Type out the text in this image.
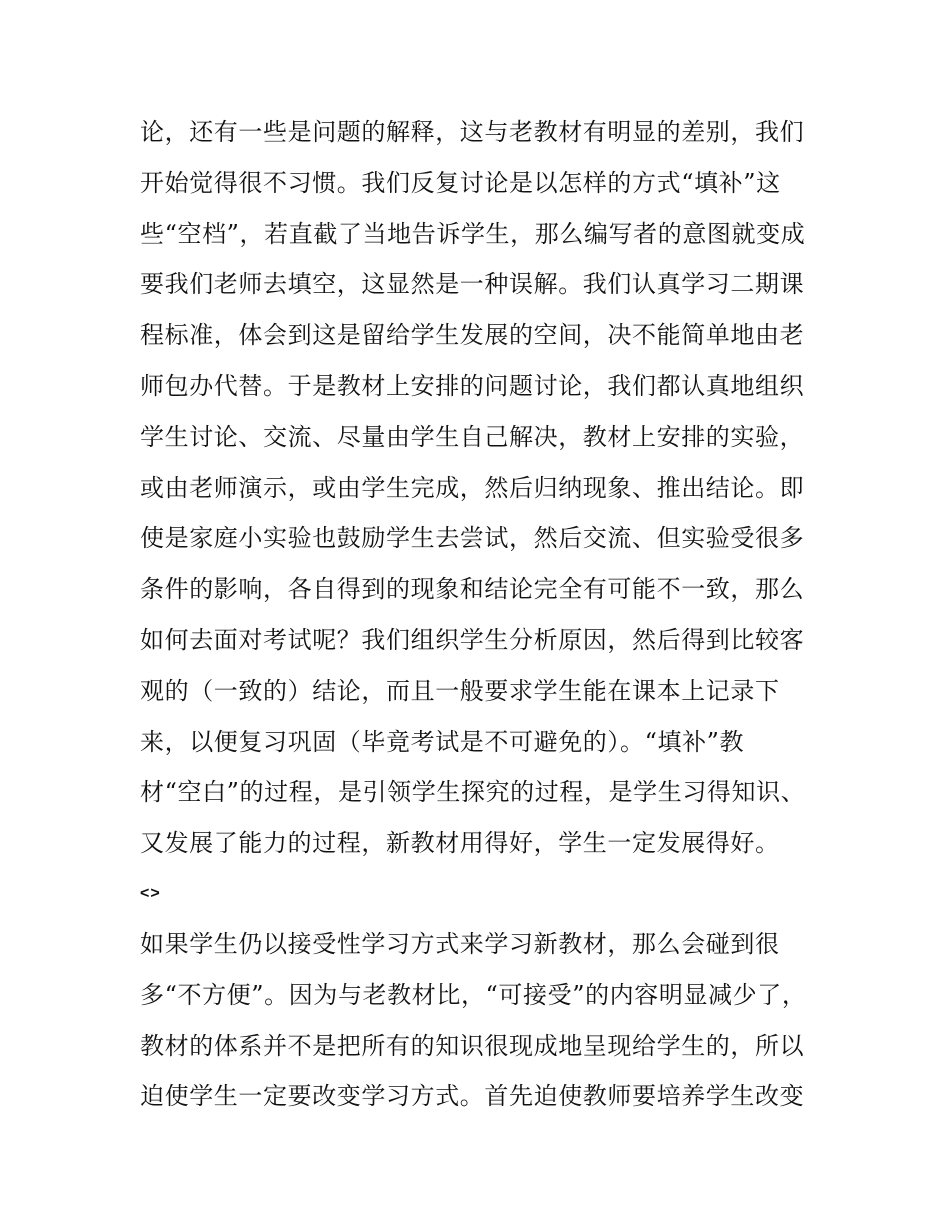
论，还有一些是问题的解释，这与老教材有明显的差别，我们
开始觉得很不习惯。我们反复讨论是以怎样的方式“填补”这
些“空档”，若直截了当地告诉学生，那么编写者的意图就变成
要我们老师去填空，这显然是一种误解。我们认真学习二期课
程标准，体会到这是留给学生发展的空间，决不能简单地由老
师包办代替。于是教材上安排的问题讨论，我们都认真地组织
学生讨论、交流、尽量由学生自己解决，教材上安排的实验，
或由老师演示，或由学生完成，然后归纳现象、推出结论。即
使是家庭小实验也鼓励学生去尝试，然后交流、但实验受很多
条件的影响，各自得到的现象和结论完全有可能不一致，那么
如何去面对考试呢？我们组织学生分析原因，然后得到比较客
观的（一致的）结论，而且一般要求学生能在课本上记录下
来，以便复习巩固（毕竟考试是不可避免的）。“填补”教
材“空白”的过程，是引领学生探究的过程，是学生习得知识、
又发展了能力的过程，新教材用得好，学生一定发展得好。
<>
如果学生仍以接受性学习方式来学习新教材，那么会碰到很
多“不方便”。因为与老教材比，“可接受”的内容明显减少了，
教材的体系并不是把所有的知识很现成地呈现给学生的，所以
迫使学生一定要改变学习方式。首先迫使教师要培养学生改变
